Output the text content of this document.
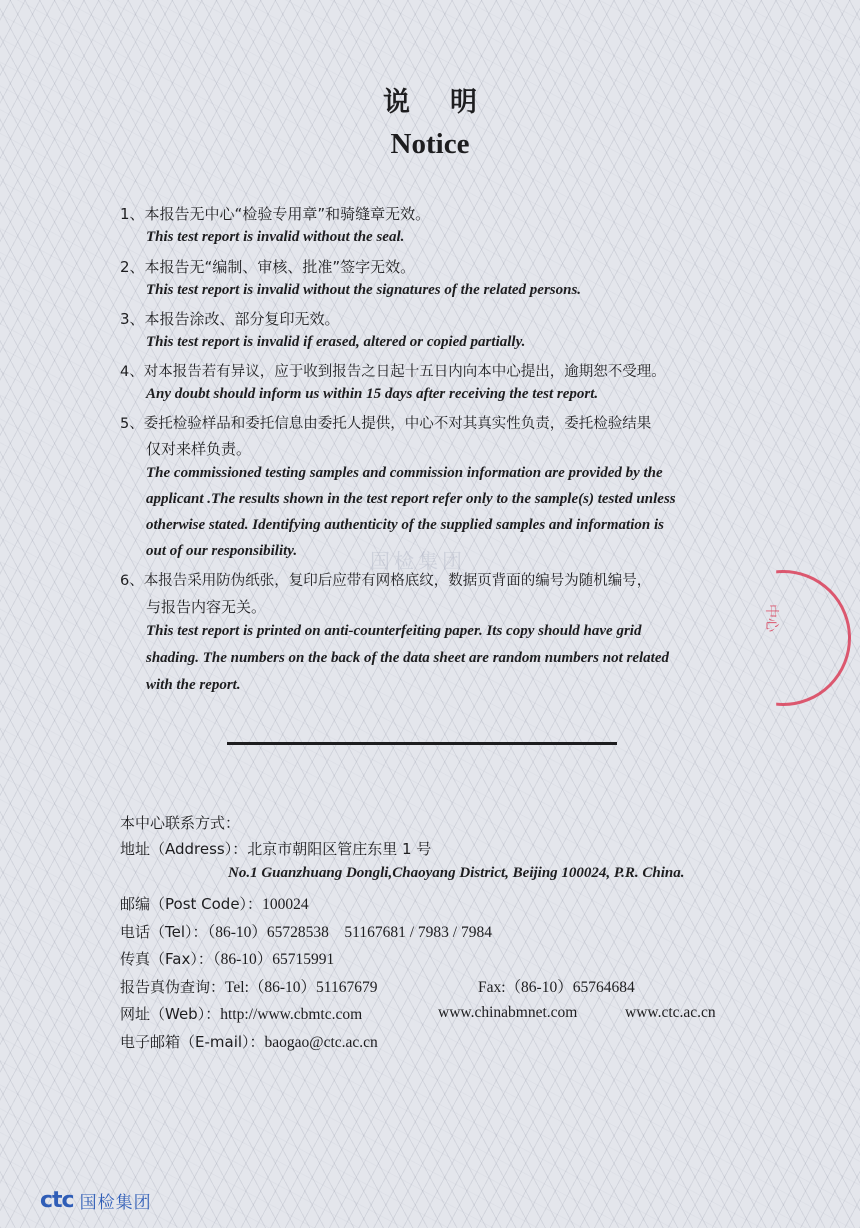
国检集团
说明
Notice
1、本报告无中心“检验专用章”和骑缝章无效。
This test report is invalid without the seal.
2、本报告无“编制、审核、批准”签字无效。
This test report is invalid without the signatures of the related persons.
3、本报告涂改、部分复印无效。
This test report is invalid if erased, altered or copied partially.
4、对本报告若有异议，应于收到报告之日起十五日内向本中心提出，逾期恕不受理。
Any doubt should inform us within 15 days after receiving the test report.
5、委托检验样品和委托信息由委托人提供，中心不对其真实性负责，委托检验结果
仅对来样负责。
The commissioned testing samples and commission information are provided by the
applicant .The results shown in the test report refer only to the sample(s) tested unless
otherwise stated. Identifying authenticity of the supplied samples and information is
out of our responsibility.
6、本报告采用防伪纸张，复印后应带有网格底纹，数据页背面的编号为随机编号，
与报告内容无关。
This test report is printed on anti-counterfeiting paper. Its copy should have grid
shading. The numbers on the back of the data sheet are random numbers not related
with the report.
中心
本中心联系方式：
地址（Address）：北京市朝阳区管庄东里 1 号
No.1 Guanzhuang Dongli,Chaoyang District, Beijing 100024, P.R. China.
邮编（Post Code）：100024
电话（Tel）：（86-10）65728538    51167681 / 7983 / 7984
传真（Fax）：（86-10）65715991
报告真伪查询：Tel:（86-10）51167679	Fax:（86-10）65764684
网址（Web）：http://www.cbmtc.com	www.chinabmnet.com	www.ctc.ac.cn
电子邮箱（E-mail）：baogao@ctc.ac.cn
ctc 国检集团
